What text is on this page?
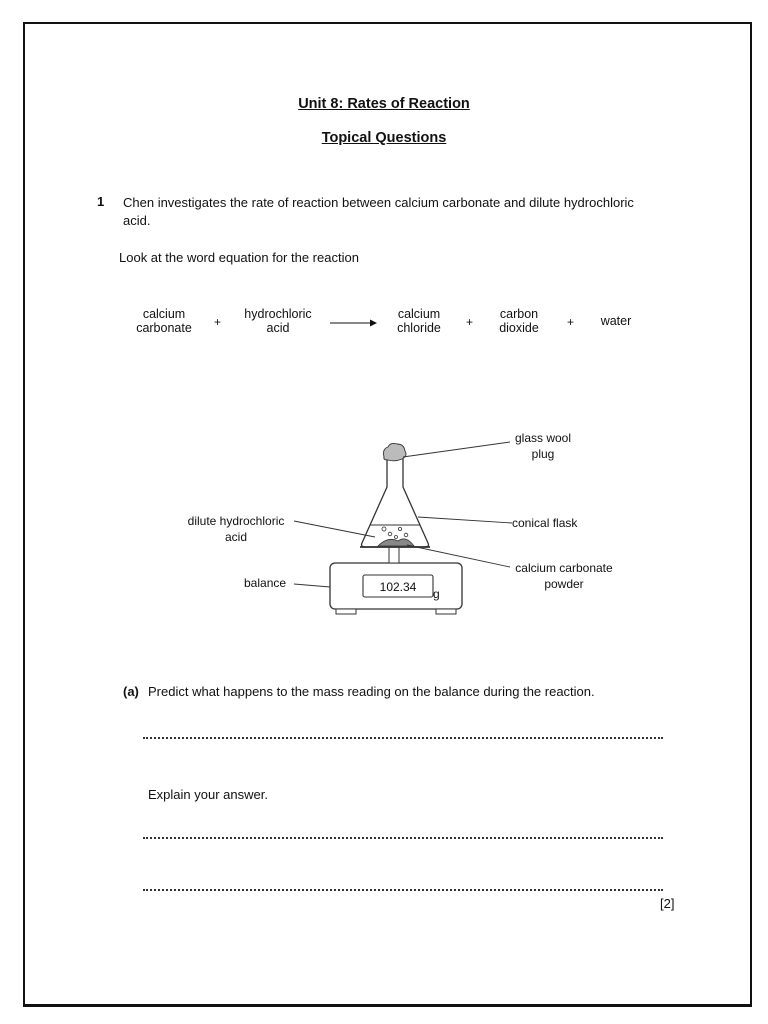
Unit 8: Rates of Reaction
Topical Questions
1 Chen investigates the rate of reaction between calcium carbonate and dilute hydrochloric acid.
Look at the word equation for the reaction
calcium
carbonate +
hydrochloric
acid
calcium
chloride +
carbon
dioxide + water
102.34 g
glass wool
plug
conical flask
dilute hydrochloric
acid
calcium carbonate
powder
balance
(a) Predict what happens to the mass reading on the balance during the reaction.
Explain your answer.
[2]
